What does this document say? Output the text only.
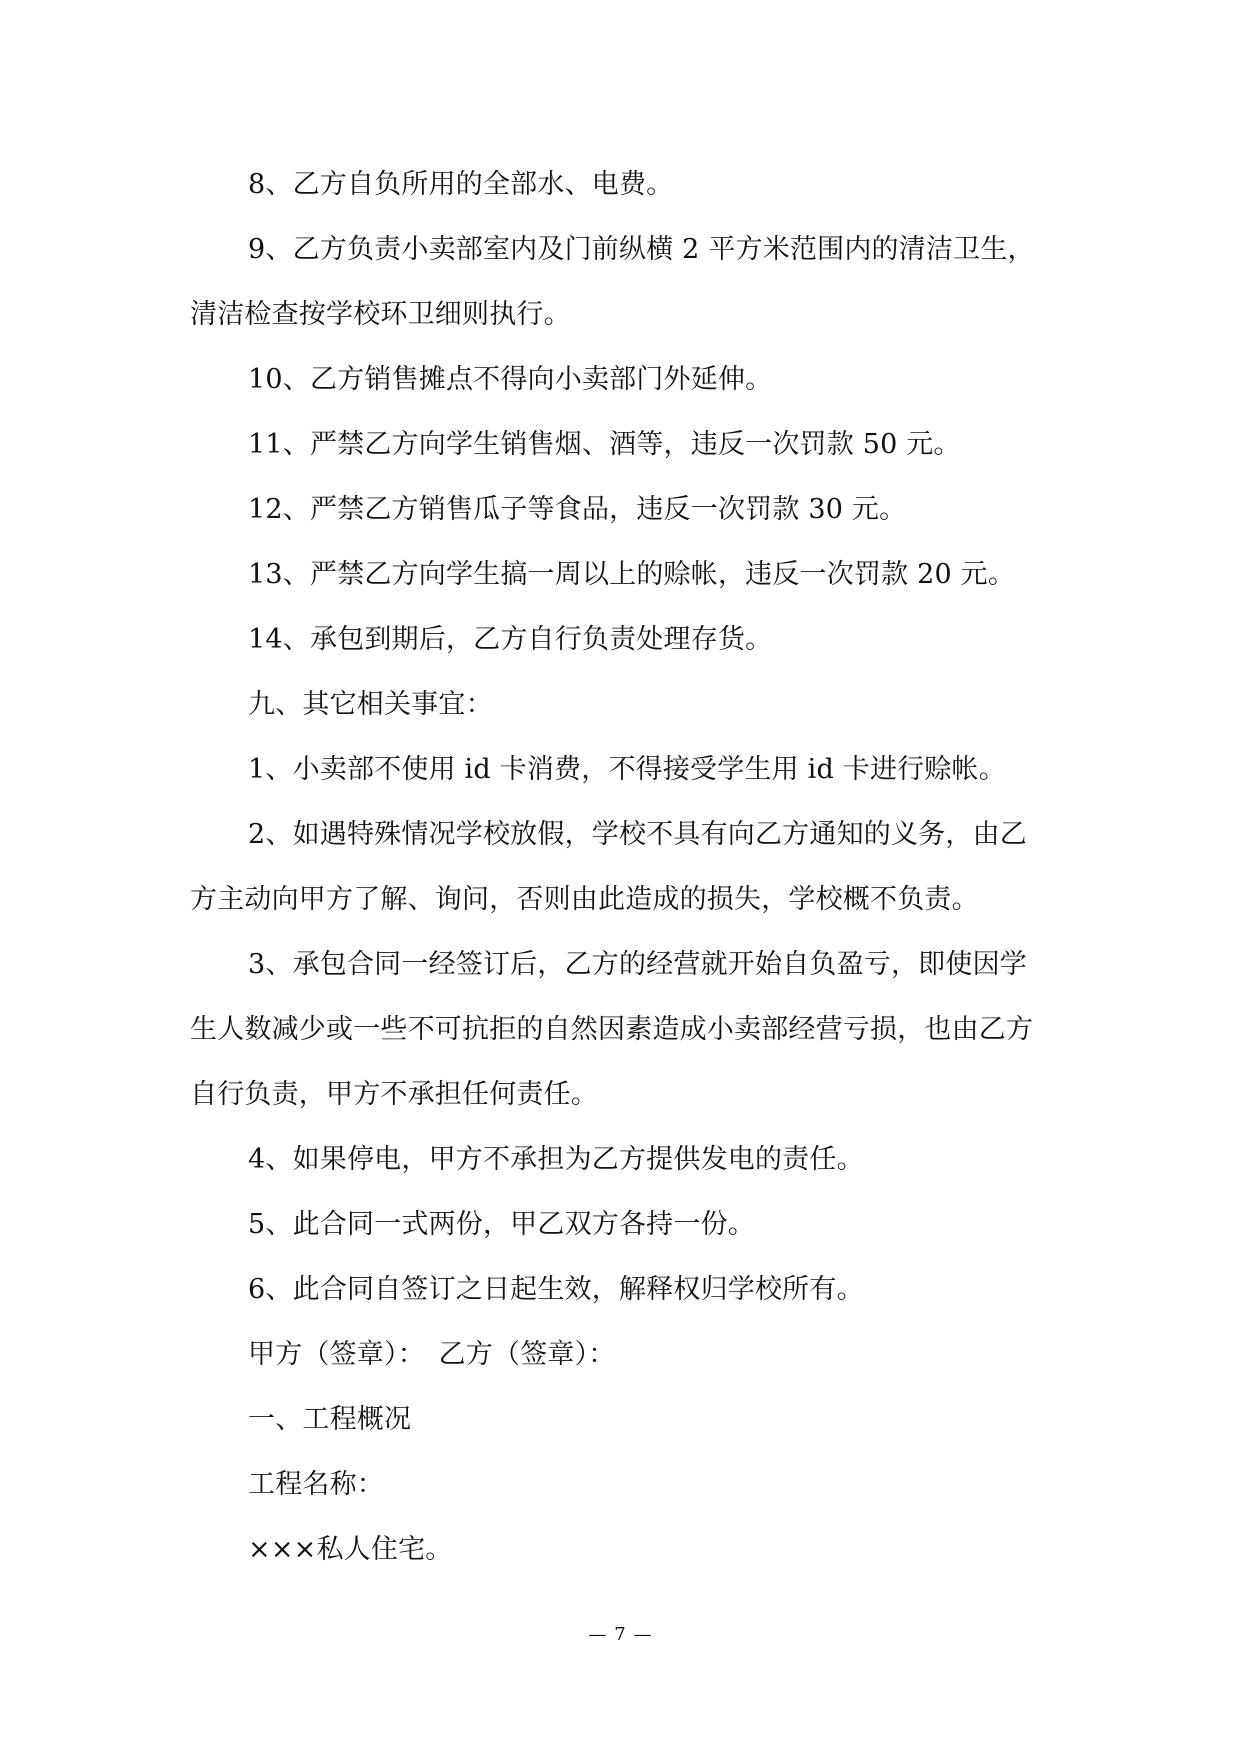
8、乙方自负所用的全部水、电费。

9、乙方负责小卖部室内及门前纵横 2 平方米范围内的清洁卫生，清洁检查按学校环卫细则执行。

10、乙方销售摊点不得向小卖部门外延伸。

11、严禁乙方向学生销售烟、酒等，违反一次罚款 50 元。

12、严禁乙方销售瓜子等食品，违反一次罚款 30 元。

13、严禁乙方向学生搞一周以上的赊帐，违反一次罚款 20 元。

14、承包到期后，乙方自行负责处理存货。

九、其它相关事宜：

1、小卖部不使用 id 卡消费，不得接受学生用 id 卡进行赊帐。

2、如遇特殊情况学校放假，学校不具有向乙方通知的义务，由乙方主动向甲方了解、询问，否则由此造成的损失，学校概不负责。

3、承包合同一经签订后，乙方的经营就开始自负盈亏，即使因学生人数减少或一些不可抗拒的自然因素造成小卖部经营亏损，也由乙方自行负责，甲方不承担任何责任。

4、如果停电，甲方不承担为乙方提供发电的责任。

5、此合同一式两份，甲乙双方各持一份。

6、此合同自签订之日起生效，解释权归学校所有。

甲方（签章）：　乙方（签章）：

一、工程概况

工程名称：

×××私人住宅。

— 7 —
